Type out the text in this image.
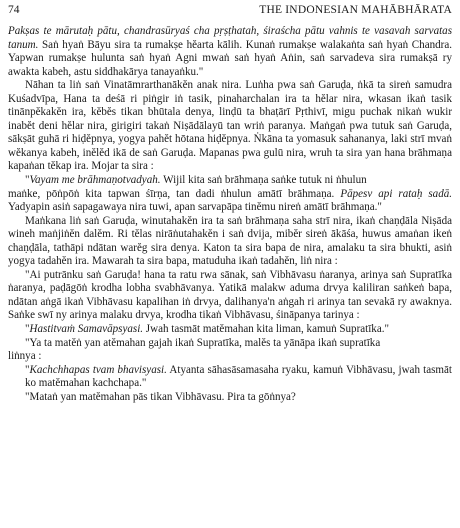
74	THE INDONESIAN MAHĀBHĀRATA

Pakṣas te mārutaḥ pātu, chandrasūryaś cha pṛṣṭhatah, śiraścha pātu vahnis te vasavah sarvatas tanum. Saṅ hyaṅ Bāyu sira ta rumakṣe hĕarta kālih. Kunaṅ rumakṣe walakaṅta saṅ hyaṅ Chandra. Yapwan rumakṣe hulunta saṅ hyaṅ Agni mwaṅ saṅ hyaṅ Aṅin, saṅ sarvadeva sira rumakṣā ry awakta kabeh, astu siddhakārya tanayaṅku."

Nāhan ta liṅ saṅ Vinatāmrarthanākĕn anak nira. Luṅha pwa saṅ Garuḍa, ṅkā ta sireṅ samudra Kuśadvīpa, Hana ta deśā ri piṅgir iṅ tasik, pinaharchalan ira ta hĕlar nira, wkasan ikaṅ tasik tinānpĕkakĕn ira, kĕbĕs tikan bhūtala denya, linḍū ta bhaṭārī Pṛthivī, migu puchak nikaṅ wukir inabĕt deni hĕlar nira, girigiri takaṅ Niṣādālayū tan wriṅ paranya. Maṅgaṅ pwa tutuk saṅ Garuḍa, sākṣāt guhā ri hiḍĕpnya, yogya pahĕt hōtana hiḍĕpnya. Ṅkāna ta yomasuk sahananya, laki strī mvaṅ wĕkanya kabeh, inĕlĕd ikā de saṅ Garuḍa. Mapanas pwa gulū nira, wruh ta sira yan hana brāhmaṇa kapaṅan tĕkap ira. Mojar ta sira :

"Vayam me brāhmaṇotvadyah. Wijil kita saṅ brāhmaṇa saṅke tutuk ni ṅhulun

maṅke, pōṅpōṅ kita tapwan śīrṇa, tan dadi ṅhulun amātī brāhmaṇa. Pāpesv api rataḥ sadā. Yadyapin asiṅ sapagawaya nira tuwi, apan sarvapāpa tinĕmu nireṅ amātī brāhmaṇa."

Maṅkana liṅ saṅ Garuḍa, winutahakĕn ira ta saṅ brāhmaṇa saha strī nira, ikaṅ chaṇḍāla Niṣāda wineh maṅjiṅĕn dalĕm. Ri tĕlas nirāṅutahakĕn i saṅ dvija, mibĕr sireṅ ākāśa, huwus amaṅan ikeṅ chaṇḍāla, tathāpi ndātan warĕg sira denya. Katon ta sira bapa de nira, amalaku ta sira bhukti, asiṅ yogya tadahĕn ira. Mawarah ta sira bapa, matuduha ikaṅ tadahĕn, liṅ nira :

"Ai putrānku saṅ Garuḍa! hana ta ratu rwa sānak, saṅ Vibhāvasu ṅaranya, arinya saṅ Supratīka ṅaranya, paḍāgōṅ krodha lobha svabhāvanya. Yatikā malakw aduma drvya kaliliran saṅkeṅ bapa, ndātan aṅgā ikaṅ Vibhāvasu kapalihan iṅ drvya, dalihanya'n aṅgah ri arinya tan sevakā ry awaknya. Saṅke swī ny arinya malaku drvya, krodha tikaṅ Vibhāvasu, śināpanya tarinya :

"Hastitvaṁ Samavāpsyasi. Jwah tasmāt matĕmahan kita liman, kamuṅ Supratīka."

"Ya ta matĕṅ yan atĕmahan gajah ikaṅ Supratīka, malĕs ta yānāpa ikaṅ supratīka

liṅnya :

"Kachchhapas tvam bhavisyasi. Atyanta sāhasāsamasaha ryaku, kamuṅ Vibhāvasu, jwah tasmāt ko matĕmahan kachchapa."

"Mataṅ yan matĕmahan pās tikan Vibhāvasu. Pira ta gōṅnya?
